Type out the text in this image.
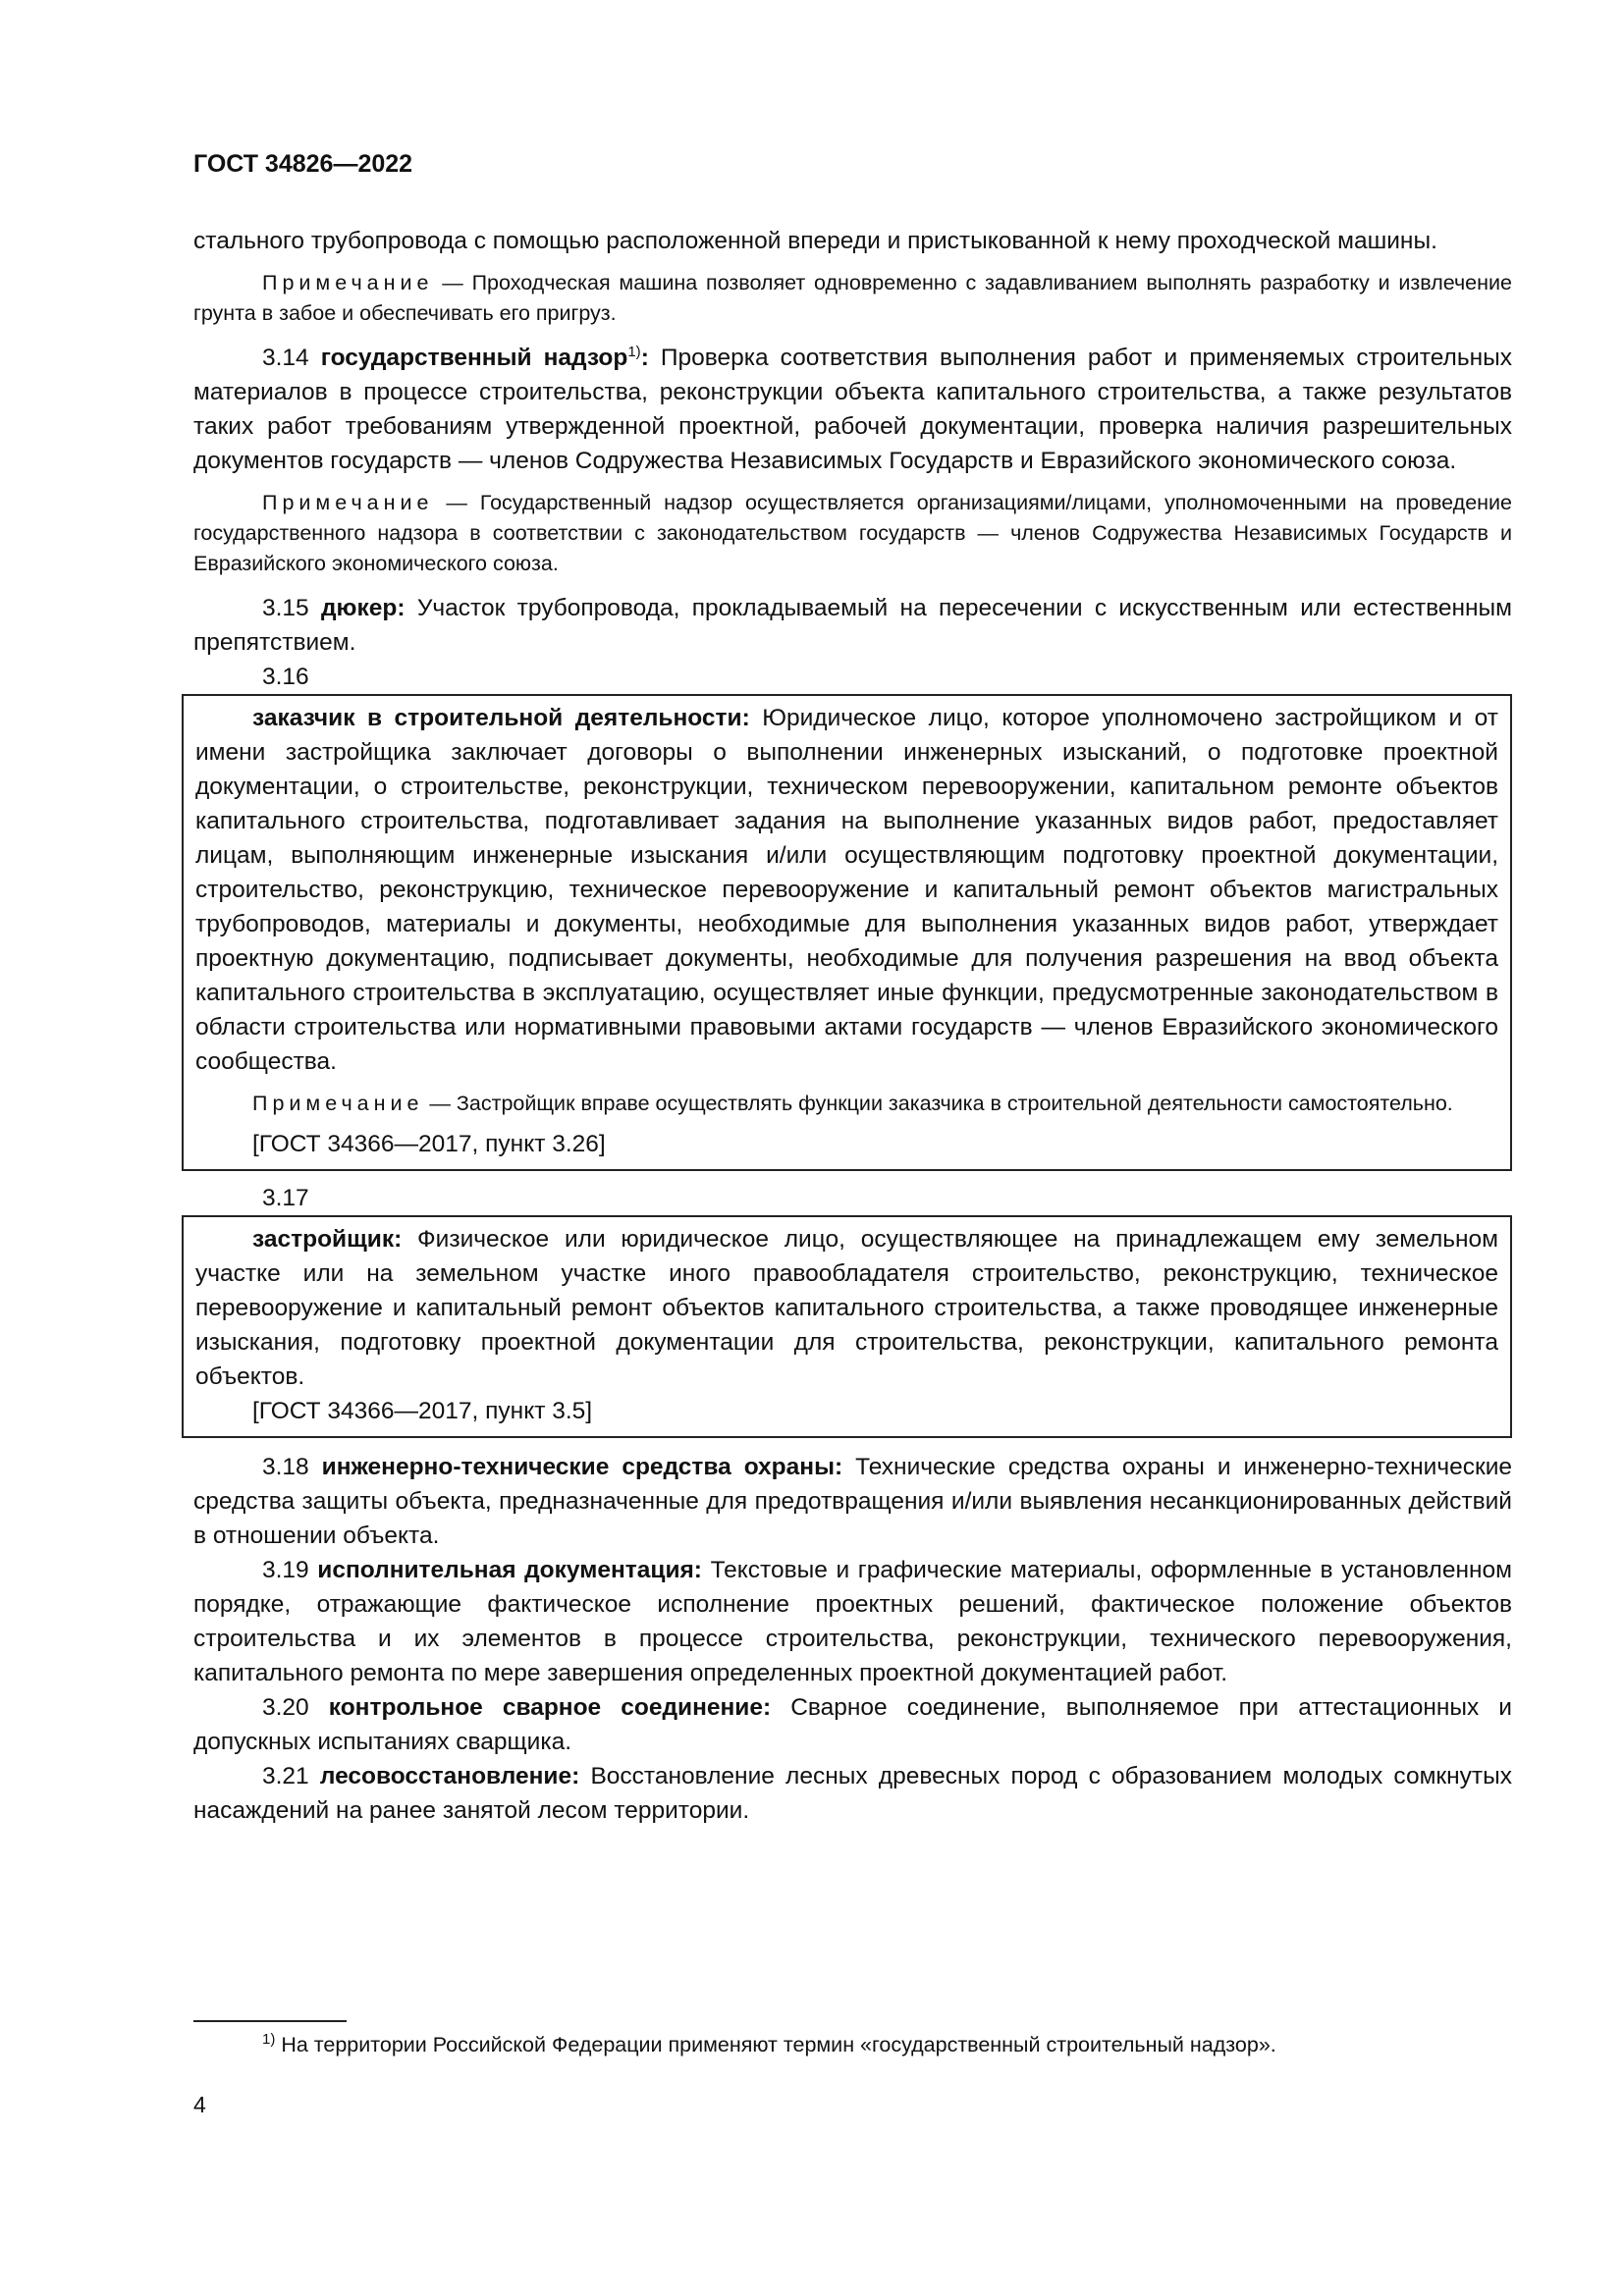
ГОСТ 34826—2022

стального трубопровода с помощью расположенной впереди и пристыкованной к нему проходческой машины.

Примечание — Проходческая машина позволяет одновременно с задавливанием выполнять разработку и извлечение грунта в забое и обеспечивать его пригруз.

3.14 государственный надзор$^{1)}$: Проверка соответствия выполнения работ и применяемых строительных материалов в процессе строительства, реконструкции объекта капитального строительства, а также результатов таких работ требованиям утвержденной проектной, рабочей документации, проверка наличия разрешительных документов государств — членов Содружества Независимых Государств и Евразийского экономического союза.

Примечание — Государственный надзор осуществляется организациями/лицами, уполномоченными на проведение государственного надзора в соответствии с законодательством государств — членов Содружества Независимых Государств и Евразийского экономического союза.

3.15 дюкер: Участок трубопровода, прокладываемый на пересечении с искусственным или естественным препятствием.

3.16

заказчик в строительной деятельности: Юридическое лицо, которое уполномочено застройщиком и от имени застройщика заключает договоры о выполнении инженерных изысканий, о подготовке проектной документации, о строительстве, реконструкции, техническом перевооружении, капитальном ремонте объектов капитального строительства, подготавливает задания на выполнение указанных видов работ, предоставляет лицам, выполняющим инженерные изыскания и/или осуществляющим подготовку проектной документации, строительство, реконструкцию, техническое перевооружение и капитальный ремонт объектов магистральных трубопроводов, материалы и документы, необходимые для выполнения указанных видов работ, утверждает проектную документацию, подписывает документы, необходимые для получения разрешения на ввод объекта капитального строительства в эксплуатацию, осуществляет иные функции, предусмотренные законодательством в области строительства или нормативными правовыми актами государств — членов Евразийского экономического сообщества.

Примечание — Застройщик вправе осуществлять функции заказчика в строительной деятельности самостоятельно.

[ГОСТ 34366—2017, пункт 3.26]
3.17

застройщик: Физическое или юридическое лицо, осуществляющее на принадлежащем ему земельном участке или на земельном участке иного правообладателя строительство, реконструкцию, техническое перевооружение и капитальный ремонт объектов капитального строительства, а также проводящее инженерные изыскания, подготовку проектной документации для строительства, реконструкции, капитального ремонта объектов.

[ГОСТ 34366—2017, пункт 3.5]

3.18 инженерно-технические средства охраны: Технические средства охраны и инженерно-технические средства защиты объекта, предназначенные для предотвращения и/или выявления несанкционированных действий в отношении объекта.

3.19 исполнительная документация: Текстовые и графические материалы, оформленные в установленном порядке, отражающие фактическое исполнение проектных решений, фактическое положение объектов строительства и их элементов в процессе строительства, реконструкции, технического перевооружения, капитального ремонта по мере завершения определенных проектной документацией работ.

3.20 контрольное сварное соединение: Сварное соединение, выполняемое при аттестационных и допускных испытаниях сварщика.

3.21 лесовосстановление: Восстановление лесных древесных пород с образованием молодых сомкнутых насаждений на ранее занятой лесом территории.

$^{1)}$ На территории Российской Федерации применяют термин «государственный строительный надзор».
4
